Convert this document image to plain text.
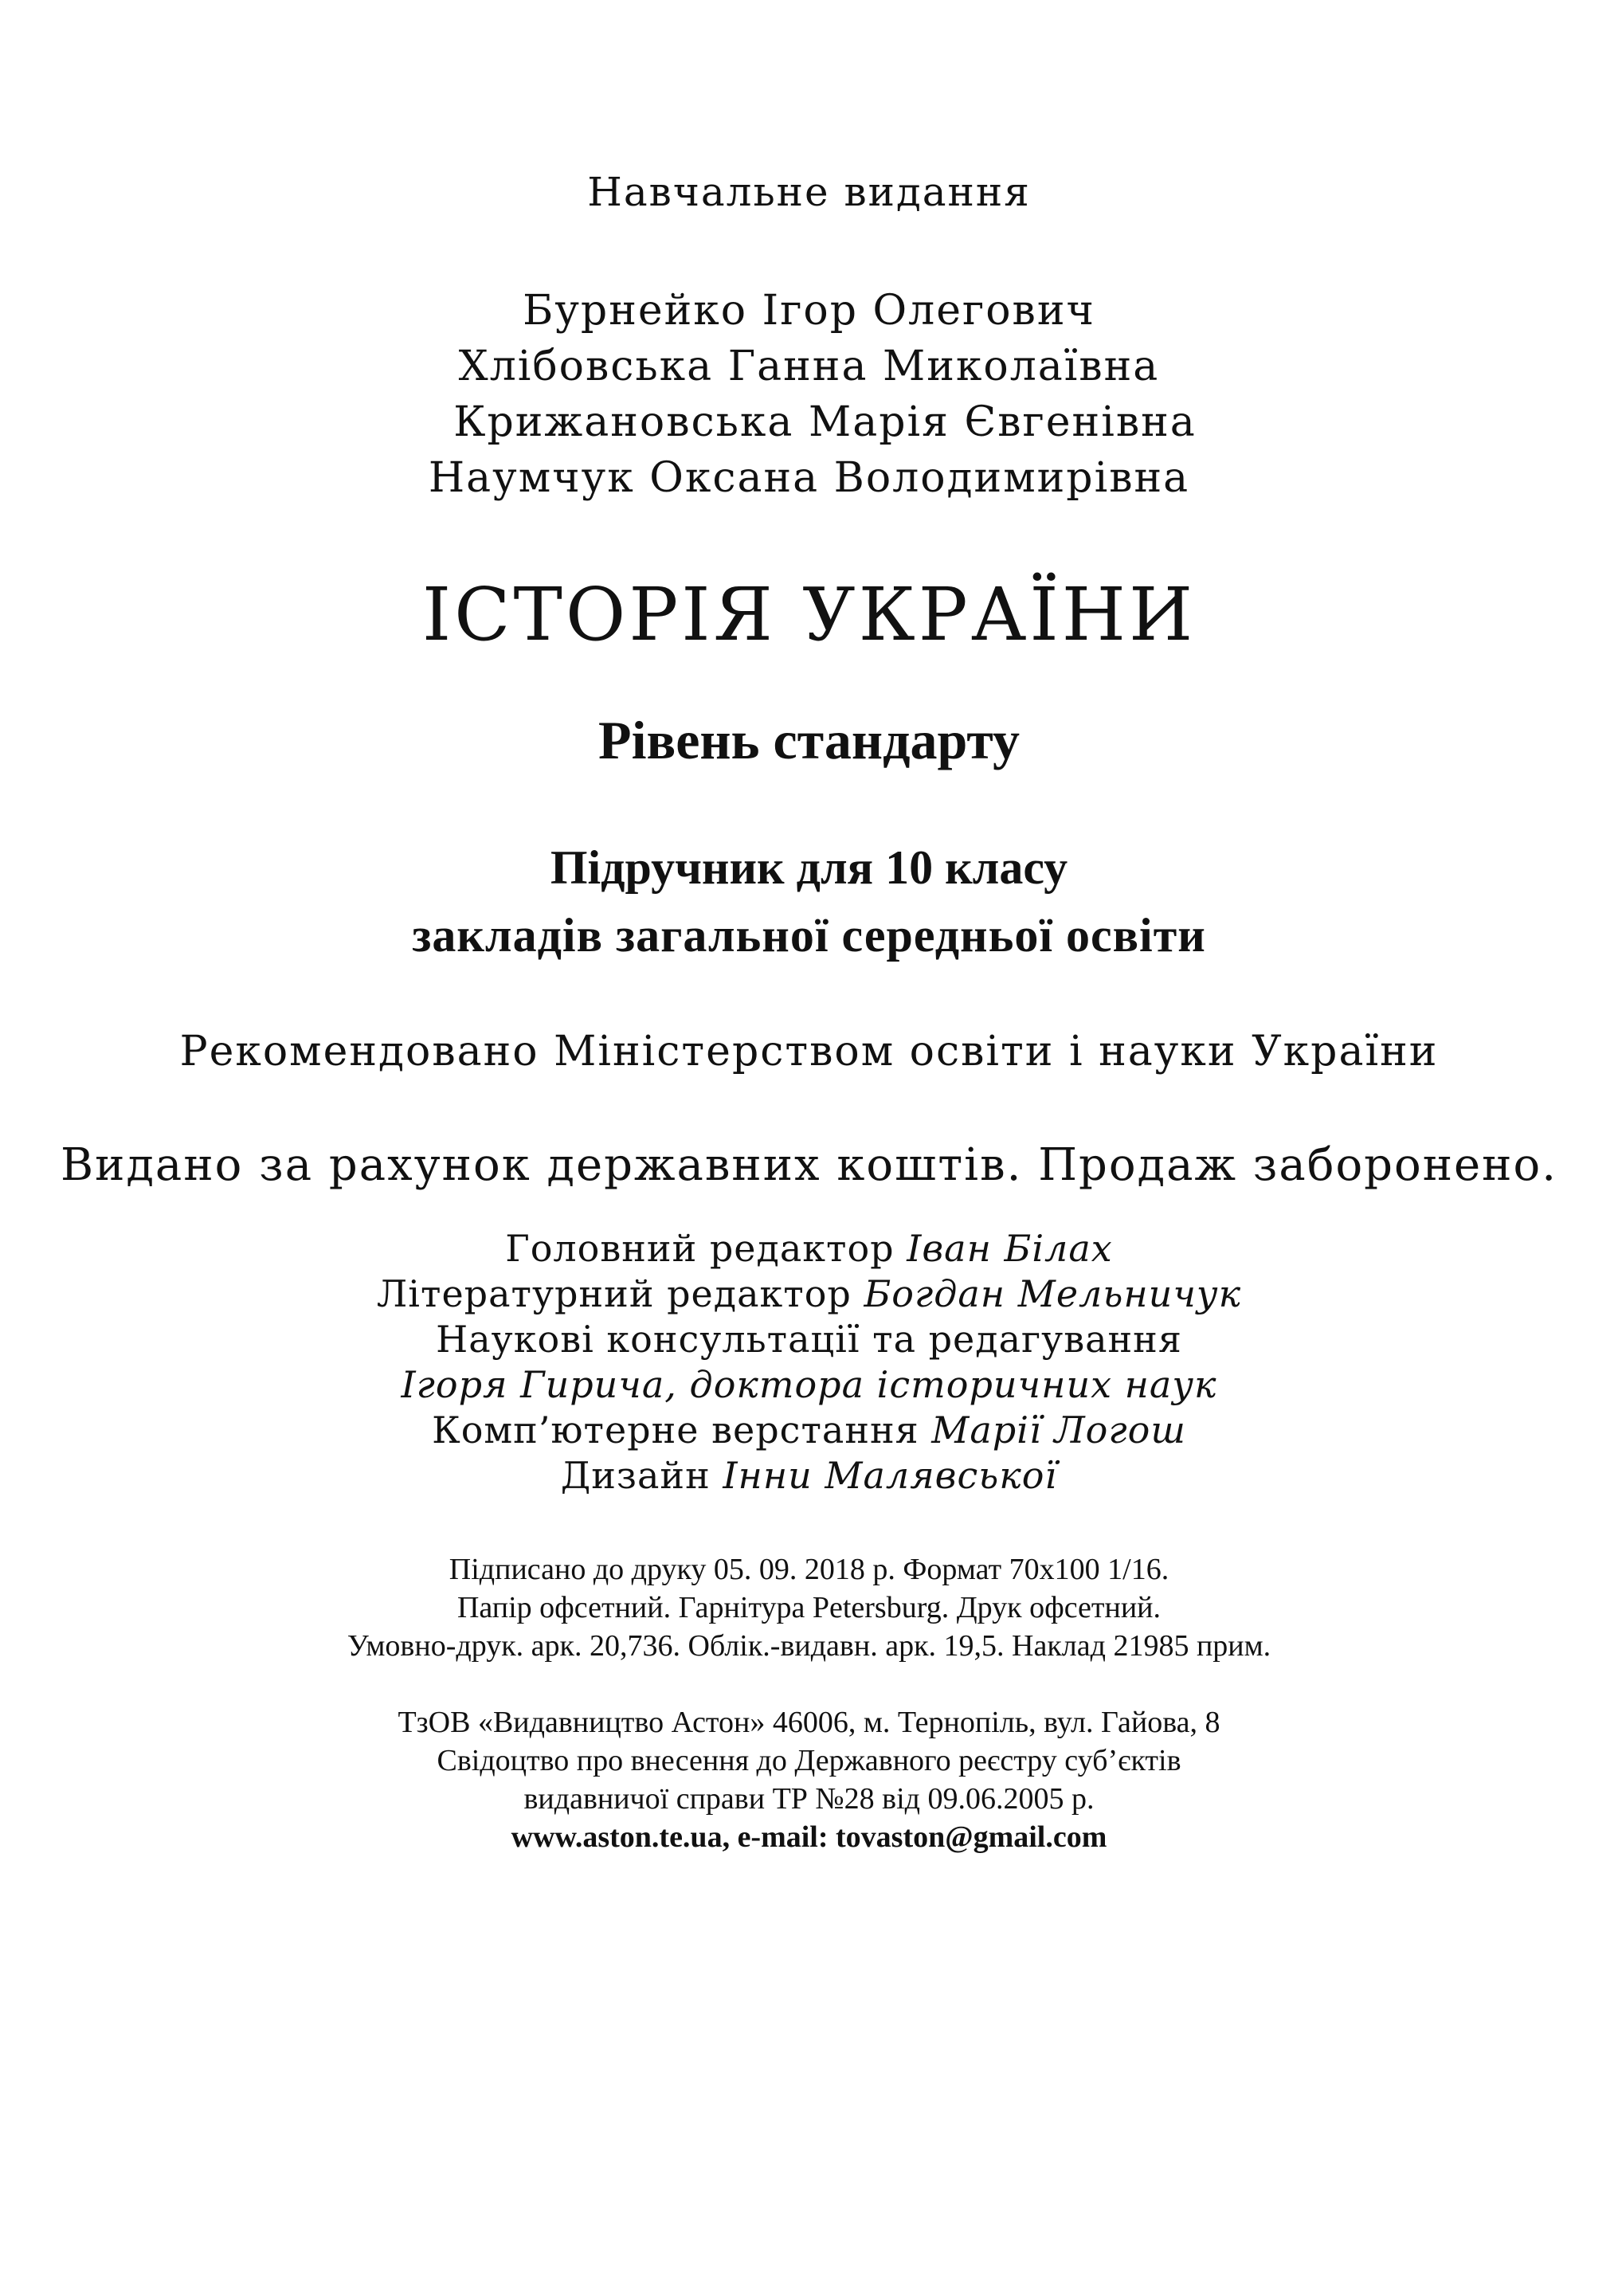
Навчальне видання
Бурнейко Ігор Олегович
Хлібовська Ганна Миколаївна
Крижановська Марія Євгенівна
Наумчук Оксана Володимирівна
ІСТОРІЯ УКРАЇНИ
Рівень стандарту
Підручник для 10 класу
закладів загальної середньої освіти
Рекомендовано Міністерством освіти і науки України
Видано за рахунок державних коштів. Продаж заборонено.
Головний редактор Іван Білах
Літературний редактор Богдан Мельничук
Наукові консультації та редагування
Ігоря Гирича, доктора історичних наук
Комп’ютерне верстання Марії Логош
Дизайн Інни Малявської
Підписано до друку 05. 09. 2018 р. Формат 70х100 1/16.
Папір офсетний. Гарнітура Petersburg. Друк офсетний.
Умовно-друк. арк. 20,736. Облік.-видавн. арк. 19,5. Наклад 21985 прим.
ТзОВ «Видавництво Астон» 46006, м. Тернопіль, вул. Гайова, 8
Свідоцтво про внесення до Державного реєстру суб’єктів
видавничої справи ТР №28 від 09.06.2005 р.
www.aston.te.ua, e-mail: tovaston@gmail.com
